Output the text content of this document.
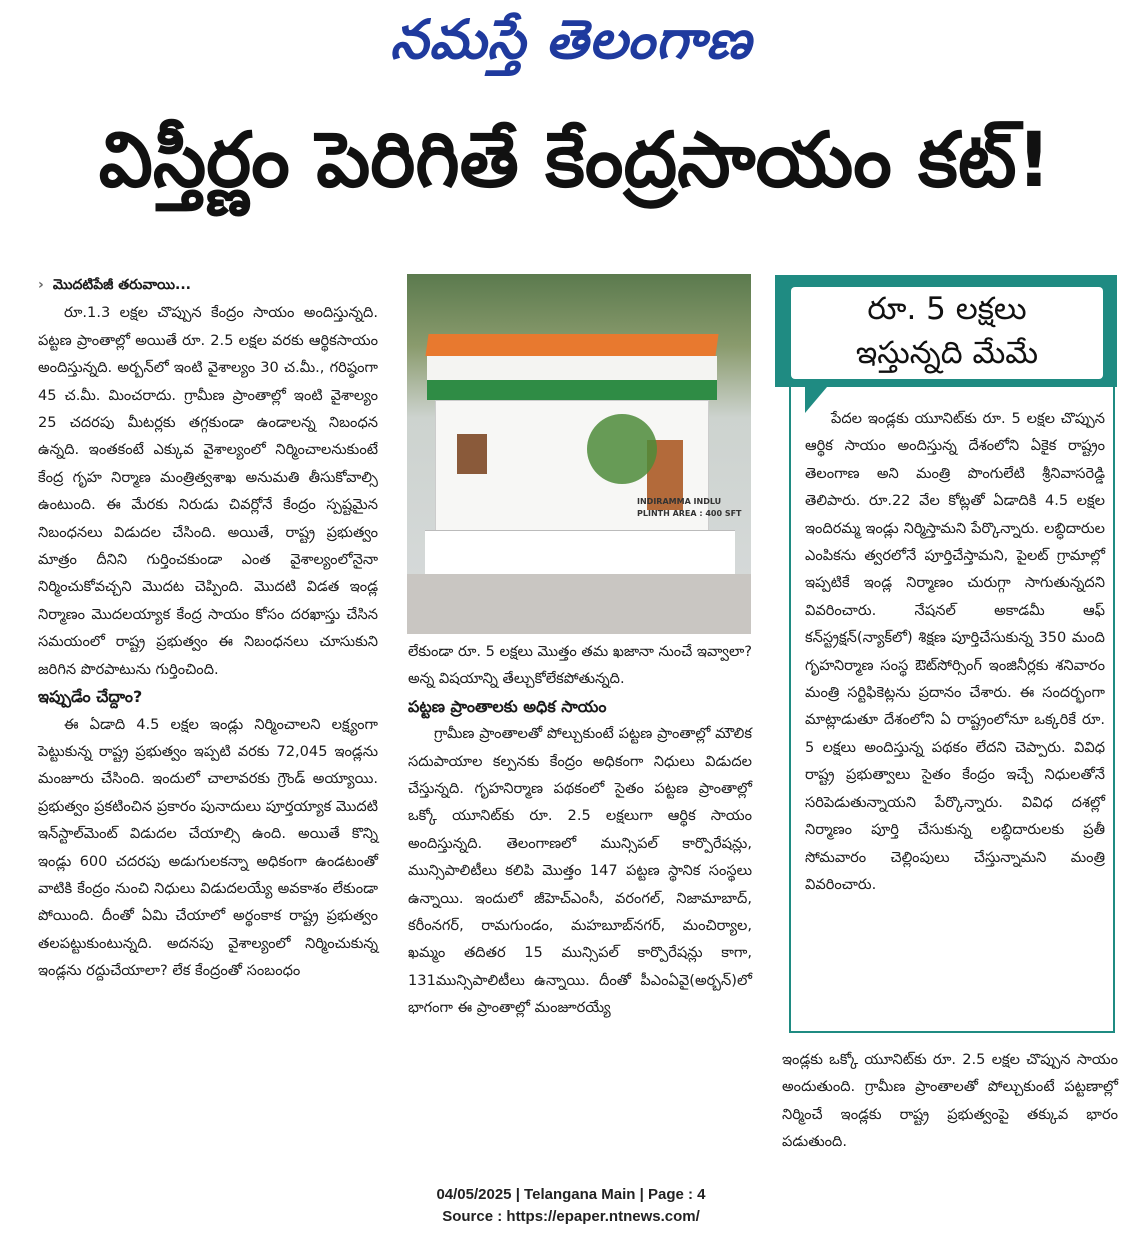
నమస్తే తెలంగాణ
విస్తీర్ణం పెరిగితే కేంద్రసాయం కట్!

› మొదటిపేజీ తరువాయి...

రూ.1.3 లక్షల చొప్పున కేంద్రం సాయం అందిస్తున్నది. పట్టణ ప్రాంతాల్లో అయితే రూ. 2.5 లక్షల వరకు ఆర్థికసాయం అందిస్తున్నది. అర్బన్‌లో ఇంటి వైశాల్యం 30 చ.మీ., గరిష్ఠంగా 45 చ.మీ. మించరాదు. గ్రామీణ ప్రాంతాల్లో ఇంటి వైశాల్యం 25 చదరపు మీటర్లకు తగ్గకుండా ఉండాలన్న నిబంధన ఉన్నది. ఇంతకంటే ఎక్కువ వైశాల్యంలో నిర్మించాలనుకుంటే కేంద్ర గృహ నిర్మాణ మంత్రిత్వశాఖ అనుమతి తీసుకోవాల్సి ఉంటుంది. ఈ మేరకు నిరుడు చివర్లోనే కేంద్రం స్పష్టమైన నిబంధనలు విడుదల చేసింది. అయితే, రాష్ట్ర ప్రభుత్వం మాత్రం దీనిని గుర్తించకుండా ఎంత వైశాల్యంలోనైనా నిర్మించుకోవచ్చని మొదట చెప్పింది. మొదటి విడత ఇండ్ల నిర్మాణం మొదలయ్యాక కేంద్ర సాయం కోసం దరఖాస్తు చేసిన సమయంలో రాష్ట్ర ప్రభుత్వం ఈ నిబంధనలు చూసుకుని జరిగిన పొరపాటును గుర్తించింది.

ఇప్పుడేం చేద్దాం?

ఈ ఏడాది 4.5 లక్షల ఇండ్లు నిర్మించాలని లక్ష్యంగా పెట్టుకున్న రాష్ట్ర ప్రభుత్వం ఇప్పటి వరకు 72,045 ఇండ్లను మంజూరు చేసింది. ఇందులో చాలావరకు గ్రౌండ్ అయ్యాయి. ప్రభుత్వం ప్రకటించిన ప్రకారం పునాదులు పూర్తయ్యాక మొదటి ఇన్‌స్టాల్‌మెంట్ విడుదల చేయాల్సి ఉంది. అయితే కొన్ని ఇండ్లు 600 చదరపు అడుగులకన్నా అధికంగా ఉండటంతో వాటికి కేంద్రం నుంచి నిధులు విడుదలయ్యే అవకాశం లేకుండా పోయింది. దీంతో ఏమి చేయాలో అర్థంకాక రాష్ట్ర ప్రభుత్వం తలపట్టుకుంటున్నది. అదనపు వైశాల్యంలో నిర్మించుకున్న ఇండ్లను రద్దుచేయాలా? లేక కేంద్రంతో సంబంధం

INDIRAMMA INDLU
PLINTH AREA : 400 SFT

లేకుండా రూ. 5 లక్షలు మొత్తం తమ ఖజానా నుంచే ఇవ్వాలా? అన్న విషయాన్ని తేల్చుకోలేకపోతున్నది.

పట్టణ ప్రాంతాలకు అధిక సాయం

గ్రామీణ ప్రాంతాలతో పోల్చుకుంటే పట్టణ ప్రాంతాల్లో మౌలిక సదుపాయాల కల్పనకు కేంద్రం అధికంగా నిధులు విడుదల చేస్తున్నది. గృహనిర్మాణ పథకంలో సైతం పట్టణ ప్రాంతాల్లో ఒక్కో యూనిట్‌కు రూ. 2.5 లక్షలుగా ఆర్థిక సాయం అందిస్తున్నది. తెలంగాణలో మున్సిపల్ కార్పొరేషన్లు, మున్సిపాలిటీలు కలిపి మొత్తం 147 పట్టణ స్థానిక సంస్థలు ఉన్నాయి. ఇందులో జీహెచ్‌ఎంసీ, వరంగల్, నిజామాబాద్, కరీంనగర్, రామగుండం, మహబూబ్‌నగర్, మంచిర్యాల, ఖమ్మం తదితర 15 మున్సిపల్ కార్పొరేషన్లు కాగా, 131మున్సిపాలిటీలు ఉన్నాయి. దీంతో పీఎంఏవై(అర్బన్)లో భాగంగా ఈ ప్రాంతాల్లో మంజూరయ్యే

రూ. 5 లక్షలు
ఇస్తున్నది మేమే

పేదల ఇండ్లకు యూనిట్‌కు రూ. 5 లక్షల చొప్పున ఆర్థిక సాయం అందిస్తున్న దేశంలోని ఏకైక రాష్ట్రం తెలంగాణ అని మంత్రి పొంగులేటి శ్రీనివాసరెడ్డి తెలిపారు. రూ.22 వేల కోట్లతో ఏడాదికి 4.5 లక్షల ఇందిరమ్మ ఇండ్లు నిర్మిస్తామని పేర్కొన్నారు. లబ్ధిదారుల ఎంపికను త్వరలోనే పూర్తిచేస్తామని, పైలట్ గ్రామాల్లో ఇప్పటికే ఇండ్ల నిర్మాణం చురుగ్గా సాగుతున్నదని వివరించారు. నేషనల్ అకాడమీ ఆఫ్ కన్‌స్ట్రక్షన్(న్యాక్‌లో) శిక్షణ పూర్తిచేసుకున్న 350 మంది గృహనిర్మాణ సంస్థ ఔట్‌సోర్సింగ్ ఇంజినీర్లకు శనివారం మంత్రి సర్టిఫికెట్లను ప్రదానం చేశారు. ఈ సందర్భంగా మాట్లాడుతూ దేశంలోని ఏ రాష్ట్రంలోనూ ఒక్కరికే రూ. 5 లక్షలు అందిస్తున్న పథకం లేదని చెప్పారు. వివిధ రాష్ట్ర ప్రభుత్వాలు సైతం కేంద్రం ఇచ్చే నిధులతోనే సరిపెడుతున్నాయని పేర్కొన్నారు. వివిధ దశల్లో నిర్మాణం పూర్తి చేసుకున్న లబ్ధిదారులకు ప్రతీ సోమవారం చెల్లింపులు చేస్తున్నామని మంత్రి వివరించారు.

ఇండ్లకు ఒక్కో యూనిట్‌కు రూ. 2.5 లక్షల చొప్పున సాయం అందుతుంది. గ్రామీణ ప్రాంతాలతో పోల్చుకుంటే పట్టణాల్లో నిర్మించే ఇండ్లకు రాష్ట్ర ప్రభుత్వంపై తక్కువ భారం పడుతుంది.

04/05/2025 | Telangana Main | Page : 4
Source : https://epaper.ntnews.com/
